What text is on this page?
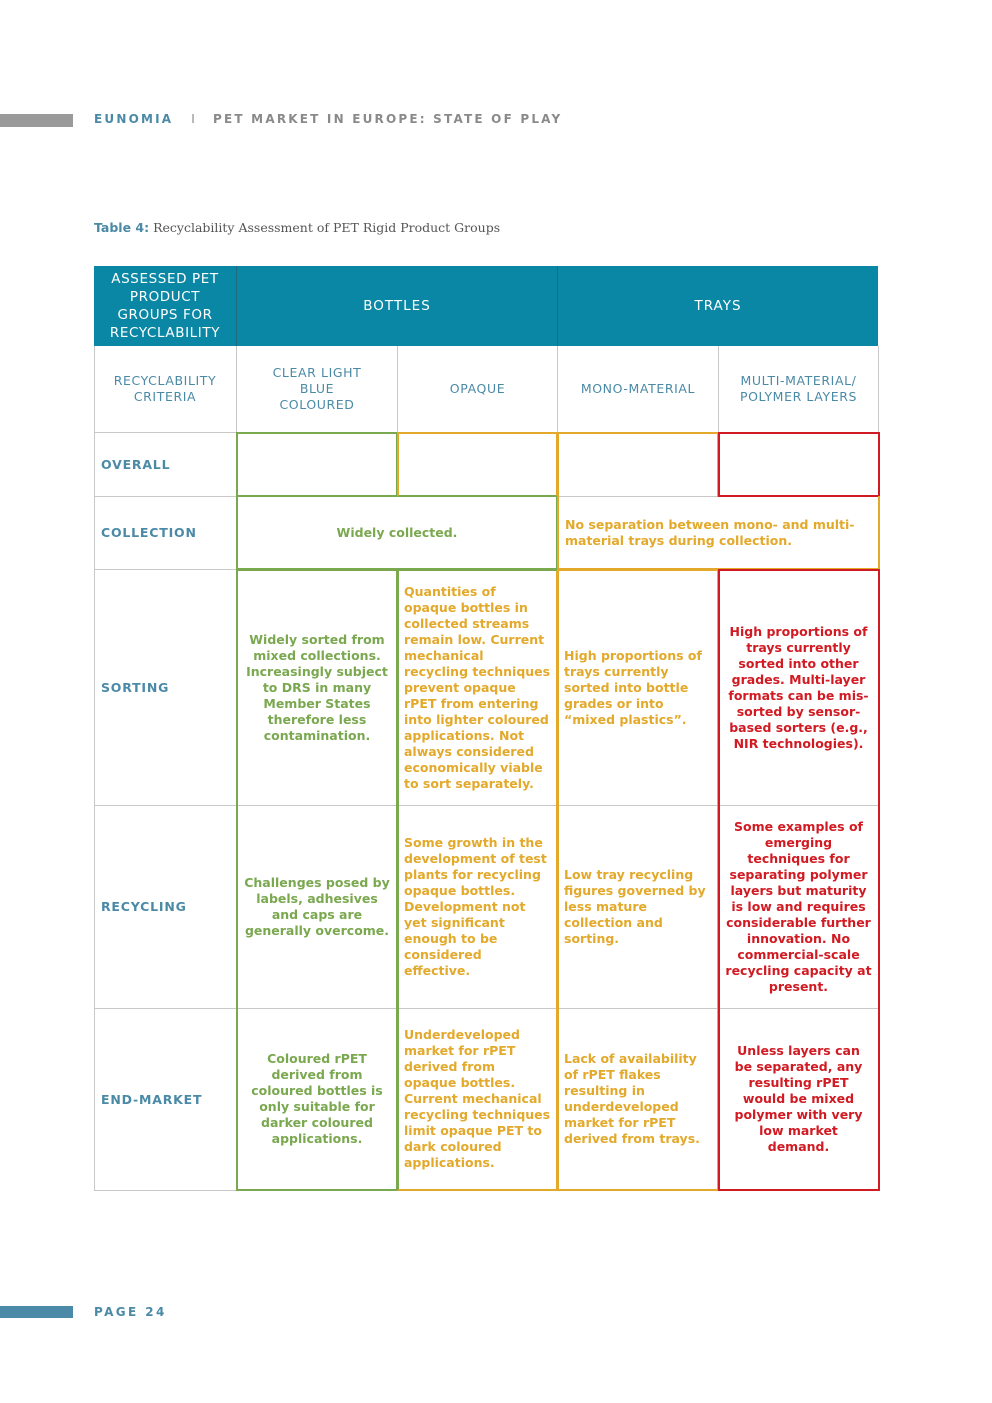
EUNOMIA I PET MARKET IN EUROPE: STATE OF PLAY
Table 4: Recyclability Assessment of PET Rigid Product Groups
ASSESSED PET PRODUCT GROUPS FOR RECYCLABILITY
BOTTLES	TRAYS
RECYCLABILITY CRITERIA
CLEAR LIGHT BLUE COLOURED
OPAQUE	MONO-MATERIAL
MULTI-MATERIAL/ POLYMER LAYERS
OVERALL
COLLECTION
SORTING
RECYCLING
END-MARKET
Widely collected.
No separation between mono- and multi-material trays during collection.
Widely sorted from mixed collections. Increasingly subject to DRS in many Member States therefore less contamination.
Quantities of opaque bottles in collected streams remain low. Current mechanical recycling techniques prevent opaque rPET from entering into lighter coloured applications. Not always considered economically viable to sort separately.
High proportions of trays currently sorted into bottle grades or into “mixed plastics”.
High proportions of trays currently sorted into other grades. Multi-layer formats can be mis-sorted by sensor-based sorters (e.g., NIR technologies).
Challenges posed by labels, adhesives and caps are generally overcome.
Some growth in the development of test plants for recycling opaque bottles. Development not yet significant enough to be considered effective.
Low tray recycling figures governed by less mature collection and sorting.
Some examples of emerging techniques for separating polymer layers but maturity is low and requires considerable further innovation. No commercial-scale recycling capacity at present.
Coloured rPET derived from coloured bottles is only suitable for darker coloured applications.
Underdeveloped market for rPET derived from opaque bottles. Current mechanical recycling techniques limit opaque PET to dark coloured applications.
Lack of availability of rPET flakes resulting in underdeveloped market for rPET derived from trays.
Unless layers can be separated, any resulting rPET would be mixed polymer with very low market demand.
PAGE 24
